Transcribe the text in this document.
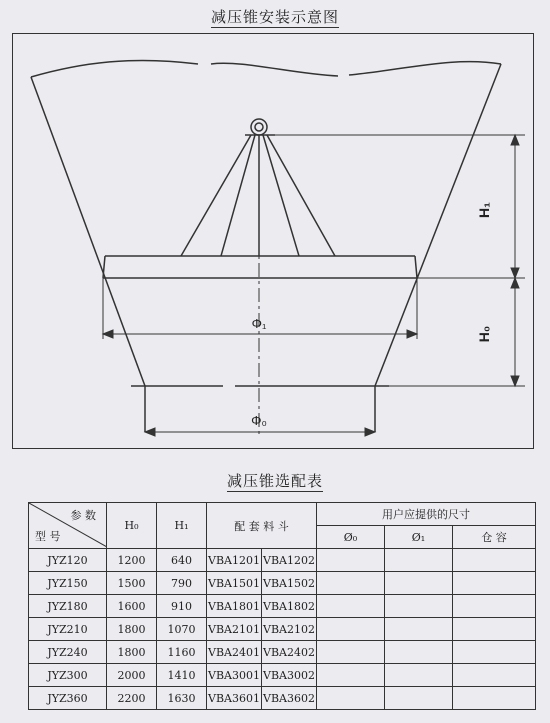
减压锥安装示意图
H₁
H₀
Φ₁
Φ₀
减压锥选配表
参 数
型 号	H₀	H₁	配 套 料 斗		用户应提供的尺寸		
					Ø₀	Ø₁	仓 容
JYZ120	1200	640	VBA1201	VBA1202			
JYZ150	1500	790	VBA1501	VBA1502			
JYZ180	1600	910	VBA1801	VBA1802			
JYZ210	1800	1070	VBA2101	VBA2102			
JYZ240	1800	1160	VBA2401	VBA2402			
JYZ300	2000	1410	VBA3001	VBA3002			
JYZ360	2200	1630	VBA3601	VBA3602			
